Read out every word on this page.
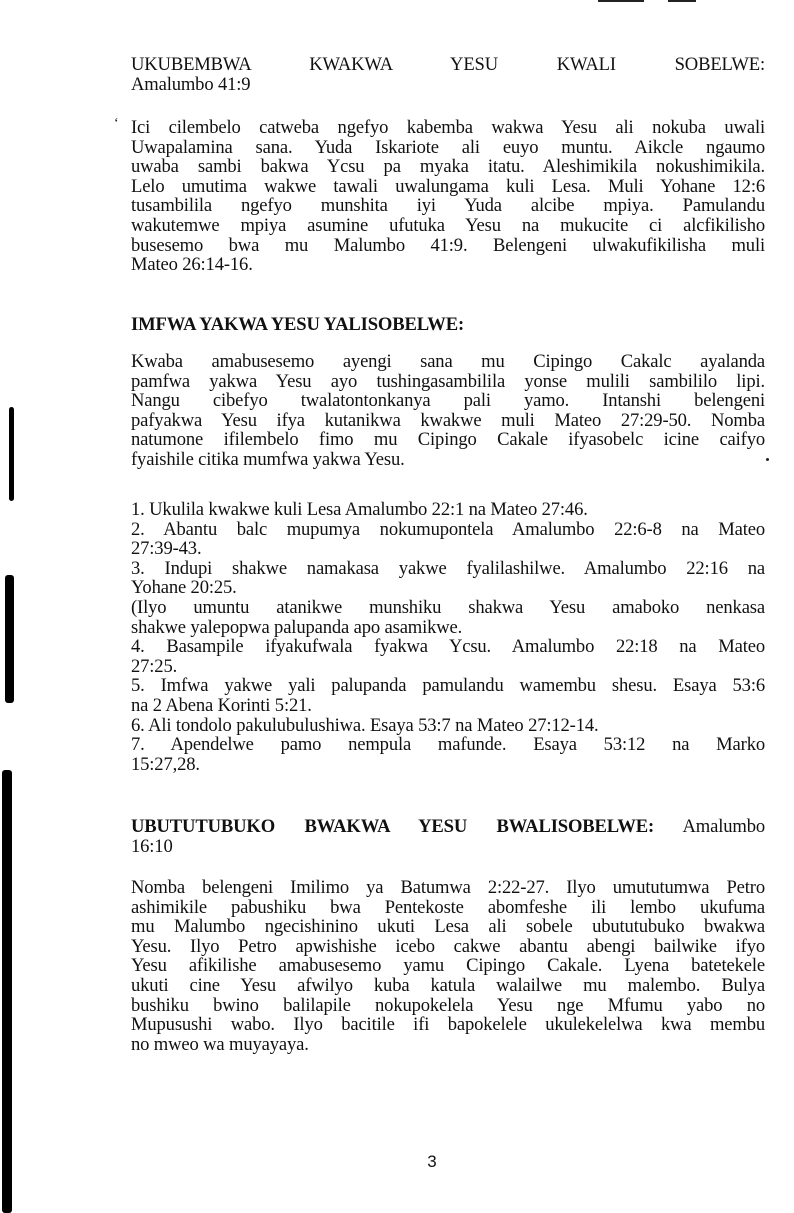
‘
UKUBEMBWA KWAKWA YESU KWALI SOBELWE:
Amalumbo 41:9
Ici cilembelo catweba ngefyo kabemba wakwa Yesu ali nokuba uwali
Uwapalamina sana. Yuda Iskariote ali euyo muntu. Aikcle ngaumo
uwaba sambi bakwa Ycsu pa myaka itatu. Aleshimikila nokushimikila.
Lelo umutima wakwe tawali uwalungama kuli Lesa. Muli Yohane 12:6
tusambilila ngefyo munshita iyi Yuda alcibe mpiya. Pamulandu
wakutemwe mpiya asumine ufutuka Yesu na mukucite ci alcfikilisho
busesemo bwa mu Malumbo 41:9. Belengeni ulwakufikilisha muli
Mateo 26:14-16.
IMFWA YAKWA YESU YALISOBELWE:
Kwaba amabusesemo ayengi sana mu Cipingo Cakalc ayalanda
pamfwa yakwa Yesu ayo tushingasambilila yonse mulili sambililo lipi.
Nangu cibefyo twalatontonkanya pali yamo. Intanshi belengeni
pafyakwa Yesu ifya kutanikwa kwakwe muli Mateo 27:29-50. Nomba
natumone ifilembelo fimo mu Cipingo Cakale ifyasobelc icine caifyo
fyaishile citika mumfwa yakwa Yesu.
1. Ukulila kwakwe kuli Lesa Amalumbo 22:1 na Mateo 27:46.
2. Abantu balc mupumya nokumupontela Amalumbo 22:6-8 na Mateo
27:39-43.
3. Indupi shakwe namakasa yakwe fyalilashilwe. Amalumbo 22:16 na
Yohane 20:25.
(Ilyo umuntu atanikwe munshiku shakwa Yesu amaboko nenkasa
shakwe yalepopwa palupanda apo asamikwe.
4. Basampile ifyakufwala fyakwa Ycsu. Amalumbo 22:18 na Mateo
27:25.
5. Imfwa yakwe yali palupanda pamulandu wamembu shesu. Esaya 53:6
na 2 Abena Korinti 5:21.
6. Ali tondolo pakulubulushiwa. Esaya 53:7 na Mateo 27:12-14.
7. Apendelwe pamo nempula mafunde. Esaya 53:12 na Marko
15:27,28.
UBUTUTUBUKO BWAKWA YESU BWALISOBELWE: Amalumbo
16:10
Nomba belengeni Imilimo ya Batumwa 2:22-27. Ilyo umututumwa Petro
ashimikile pabushiku bwa Pentekoste abomfeshe ili lembo ukufuma
mu Malumbo ngecishinino ukuti Lesa ali sobele ubututubuko bwakwa
Yesu. Ilyo Petro apwishishe icebo cakwe abantu abengi bailwike ifyo
Yesu afikilishe amabusesemo yamu Cipingo Cakale. Lyena batetekele
ukuti cine Yesu afwilyo kuba katula walailwe mu malembo. Bulya
bushiku bwino balilapile nokupokelela Yesu nge Mfumu yabo no
Mupusushi wabo. Ilyo bacitile ifi bapokelele ukulekelelwa kwa membu
no mweo wa muyayaya.
3
